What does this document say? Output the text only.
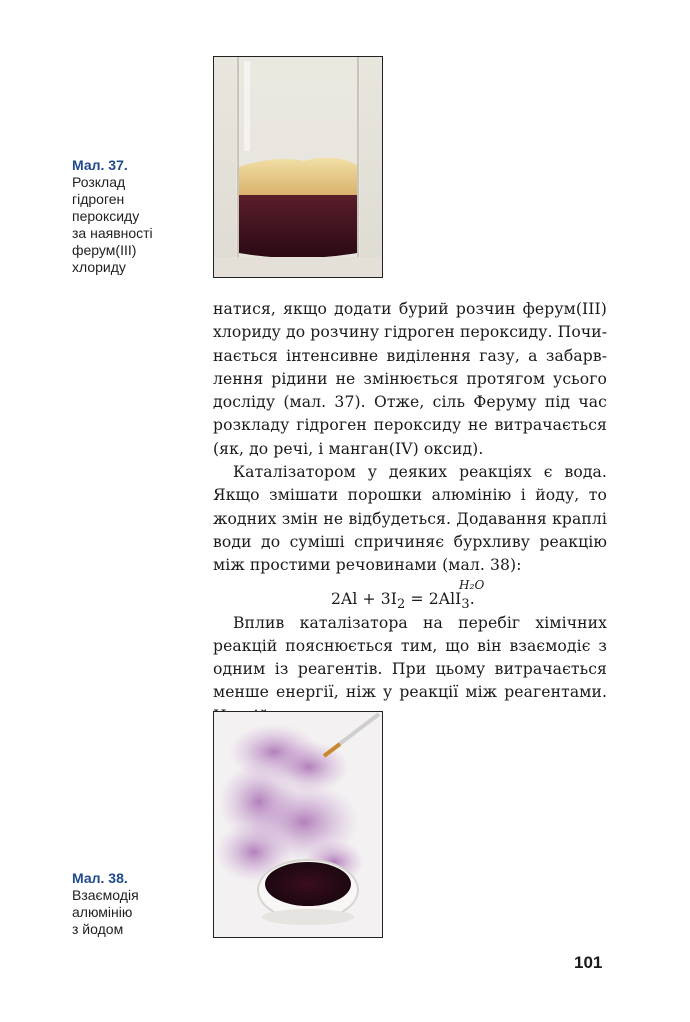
Мал. 37.
Розклад
гідроген
пероксиду
за наявності
ферум(ІІІ)
хлориду

натися, якщо додати бурий розчин ферум(III) хлориду до розчину гідроген пероксиду. Починається інтенсивне виділення газу, а забарвлення рідини не змінюється протягом усього досліду (мал. 37). Отже, сіль Феруму під час розкладу гідроген пероксиду не витрачається (як, до речі, і манган(IV) оксид).

Каталізатором у деяких реакціях є вода. Якщо змішати порошки алюмінію і йоду, то жодних змін не відбудеться. Додавання краплі води до суміші спричиняє бурхливу реакцію між простими речовинами (мал. 38):

H₂O
$2Al + 3I_2 = 2AlI_3$.

Вплив каталізатора на перебіг хімічних реакцій пояснюється тим, що він взаємодіє з одним із реагентів. При цьому витрачається менше енергії, ніж у реакції між реагентами.

Мал. 38.
Взаємодія
алюмінію
з йодом
101
